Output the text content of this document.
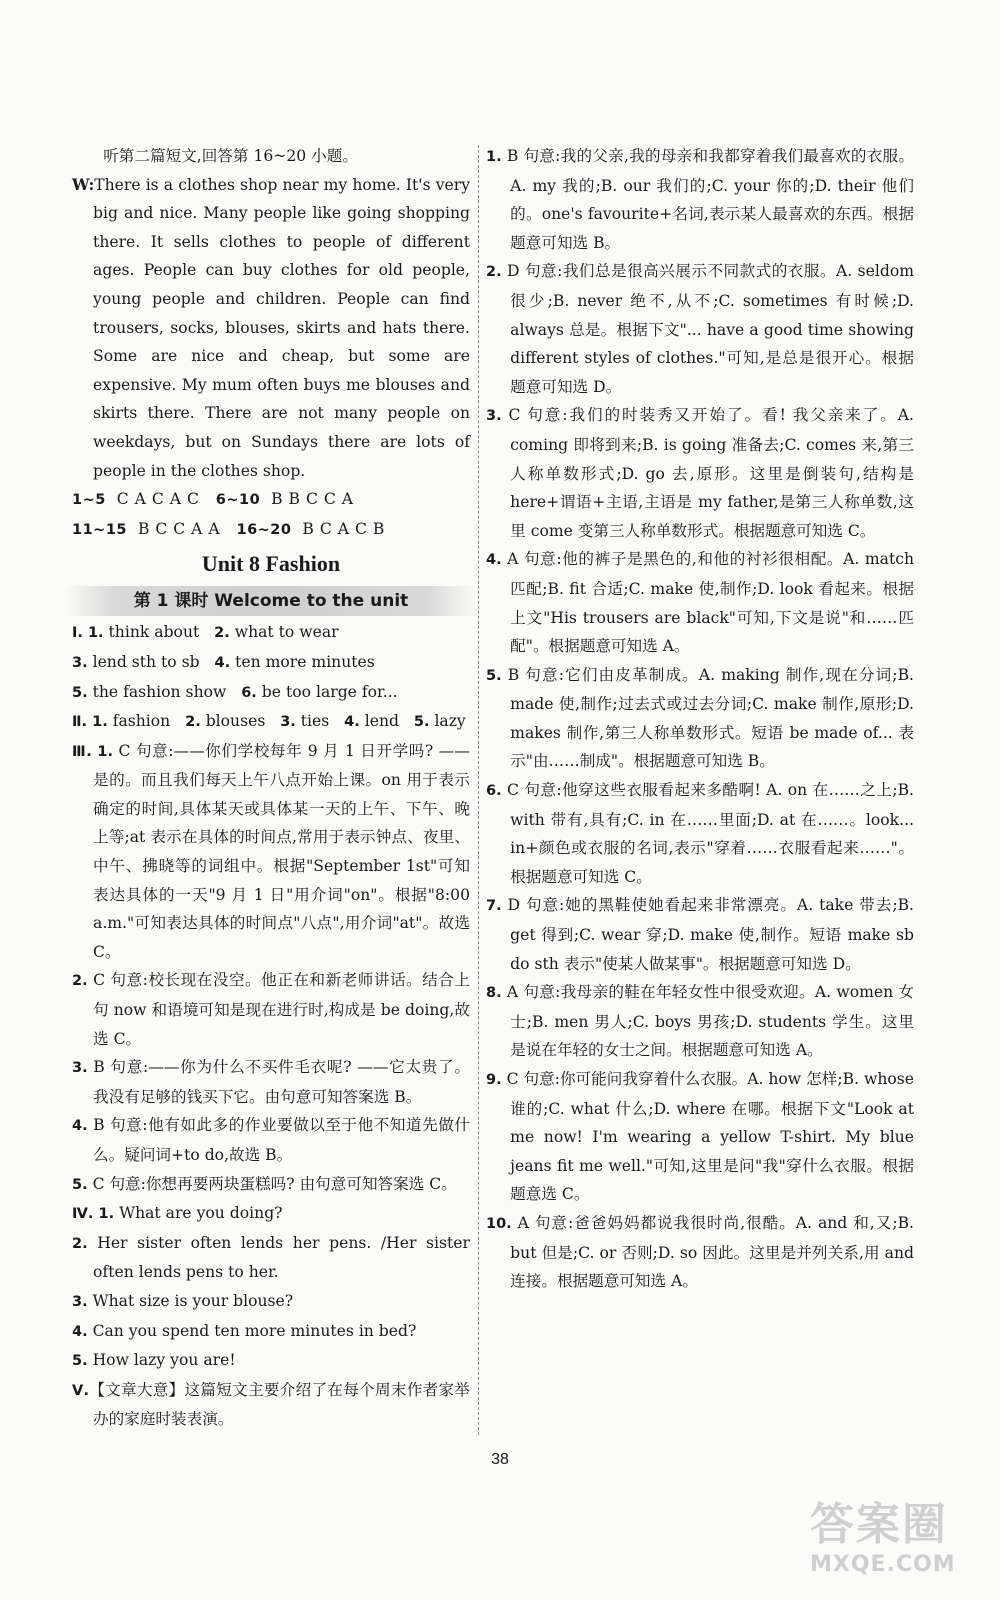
听第二篇短文,回答第 16~20 小题。

W:There is a clothes shop near my home. It's very big and nice. Many people like going shopping there. It sells clothes to people of different ages. People can buy clothes for old people, young people and children. People can find trousers, socks, blouses, skirts and hats there. Some are nice and cheap, but some are expensive. My mum often buys me blouses and skirts there. There are not many people on weekdays, but on Sundays there are lots of people in the clothes shop.

1~5 C A C A C 6~10 B B C C A

11~15 B C C A A 16~20 B C A C B

Unit 8 Fashion
第 1 课时 Welcome to the unit

Ⅰ. 1. think about 2. what to wear

3. lend sth to sb 4. ten more minutes

5. the fashion show 6. be too large for...

Ⅱ. 1. fashion 2. blouses 3. ties 4. lend 5. lazy

Ⅲ. 1. C 句意:——你们学校每年 9 月 1 日开学吗? ——是的。而且我们每天上午八点开始上课。on 用于表示确定的时间,具体某天或具体某一天的上午、下午、晚上等;at 表示在具体的时间点,常用于表示钟点、夜里、中午、拂晓等的词组中。根据"September 1st"可知表达具体的一天"9 月 1 日"用介词"on"。根据"8:00 a.m."可知表达具体的时间点"八点",用介词"at"。故选 C。

2. C 句意:校长现在没空。他正在和新老师讲话。结合上句 now 和语境可知是现在进行时,构成是 be doing,故选 C。

3. B 句意:——你为什么不买件毛衣呢? ——它太贵了。我没有足够的钱买下它。由句意可知答案选 B。

4. B 句意:他有如此多的作业要做以至于他不知道先做什么。疑问词+to do,故选 B。

5. C 句意:你想再要两块蛋糕吗? 由句意可知答案选 C。

Ⅳ. 1. What are you doing?

2. Her sister often lends her pens. /Her sister often lends pens to her.

3. What size is your blouse?

4. Can you spend ten more minutes in bed?

5. How lazy you are!

Ⅴ.【文章大意】这篇短文主要介绍了在每个周末作者家举办的家庭时装表演。

1. B 句意:我的父亲,我的母亲和我都穿着我们最喜欢的衣服。A. my 我的;B. our 我们的;C. your 你的;D. their 他们的。one's favourite+名词,表示某人最喜欢的东西。根据题意可知选 B。

2. D 句意:我们总是很高兴展示不同款式的衣服。A. seldom 很少;B. never 绝不,从不;C. sometimes 有时候;D. always 总是。根据下文"... have a good time showing different styles of clothes."可知,是总是很开心。根据题意可知选 D。

3. C 句意:我们的时装秀又开始了。看! 我父亲来了。A. coming 即将到来;B. is going 准备去;C. comes 来,第三人称单数形式;D. go 去,原形。这里是倒装句,结构是 here+谓语+主语,主语是 my father,是第三人称单数,这里 come 变第三人称单数形式。根据题意可知选 C。

4. A 句意:他的裤子是黑色的,和他的衬衫很相配。A. match 匹配;B. fit 合适;C. make 使,制作;D. look 看起来。根据上文"His trousers are black"可知,下文是说"和……匹配"。根据题意可知选 A。

5. B 句意:它们由皮革制成。A. making 制作,现在分词;B. made 使,制作;过去式或过去分词;C. make 制作,原形;D. makes 制作,第三人称单数形式。短语 be made of... 表示"由……制成"。根据题意可知选 B。

6. C 句意:他穿这些衣服看起来多酷啊! A. on 在……之上;B. with 带有,具有;C. in 在……里面;D. at 在……。look... in+颜色或衣服的名词,表示"穿着……衣服看起来……"。根据题意可知选 C。

7. D 句意:她的黑鞋使她看起来非常漂亮。A. take 带去;B. get 得到;C. wear 穿;D. make 使,制作。短语 make sb do sth 表示"使某人做某事"。根据题意可知选 D。

8. A 句意:我母亲的鞋在年轻女性中很受欢迎。A. women 女士;B. men 男人;C. boys 男孩;D. students 学生。这里是说在年轻的女士之间。根据题意可知选 A。

9. C 句意:你可能问我穿着什么衣服。A. how 怎样;B. whose 谁的;C. what 什么;D. where 在哪。根据下文"Look at me now! I'm wearing a yellow T-shirt. My blue jeans fit me well."可知,这里是问"我"穿什么衣服。根据题意选 C。

10. A 句意:爸爸妈妈都说我很时尚,很酷。A. and 和,又;B. but 但是;C. or 否则;D. so 因此。这里是并列关系,用 and 连接。根据题意可知选 A。

38
答案圈
MXQE.COM
